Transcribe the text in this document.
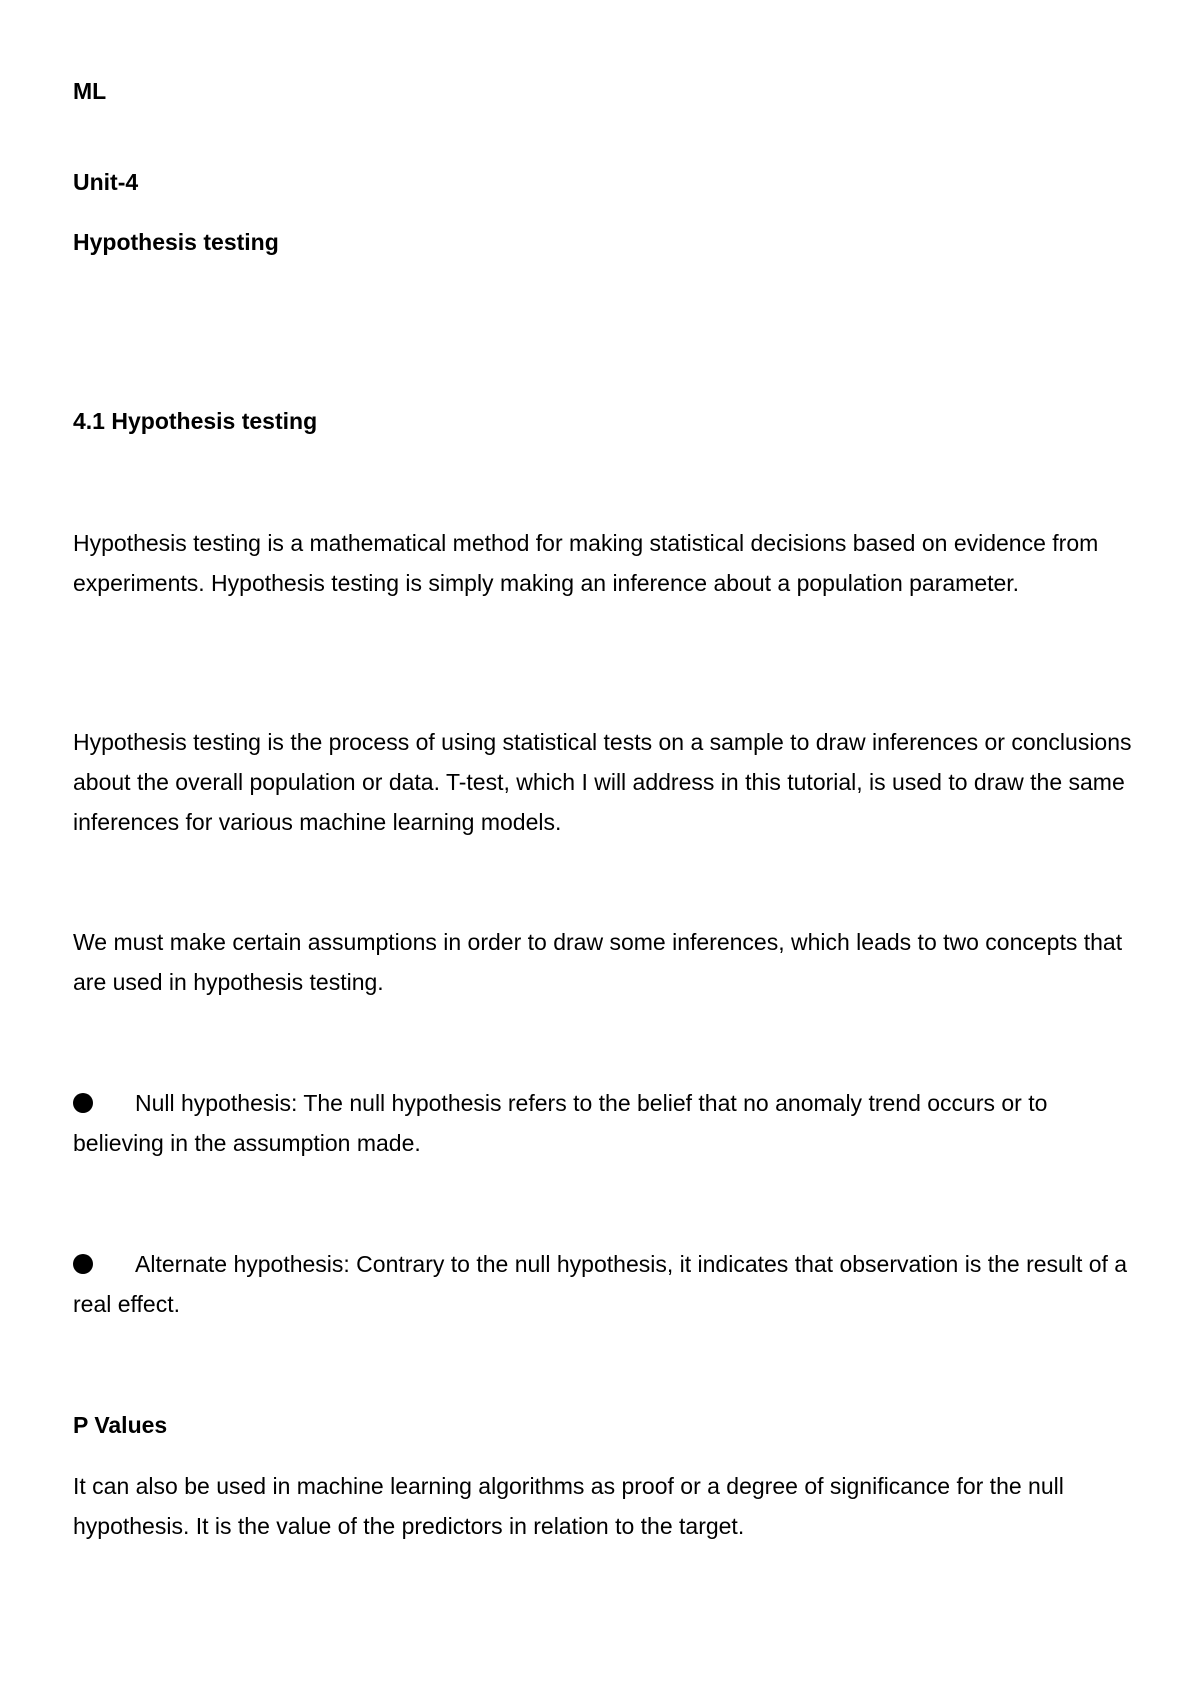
ML
Unit-4
Hypothesis testing
4.1 Hypothesis testing

Hypothesis testing is a mathematical method for making statistical decisions based on evidence from experiments. Hypothesis testing is simply making an inference about a population parameter.

Hypothesis testing is the process of using statistical tests on a sample to draw inferences or conclusions about the overall population or data. T-test, which I will address in this tutorial, is used to draw the same inferences for various machine learning models.

We must make certain assumptions in order to draw some inferences, which leads to two concepts that are used in hypothesis testing.

Null hypothesis: The null hypothesis refers to the belief that no anomaly trend occurs or to believing in the assumption made.
Alternate hypothesis: Contrary to the null hypothesis, it indicates that observation is the result of a real effect.
P Values

It can also be used in machine learning algorithms as proof or a degree of significance for the null hypothesis. It is the value of the predictors in relation to the target.
